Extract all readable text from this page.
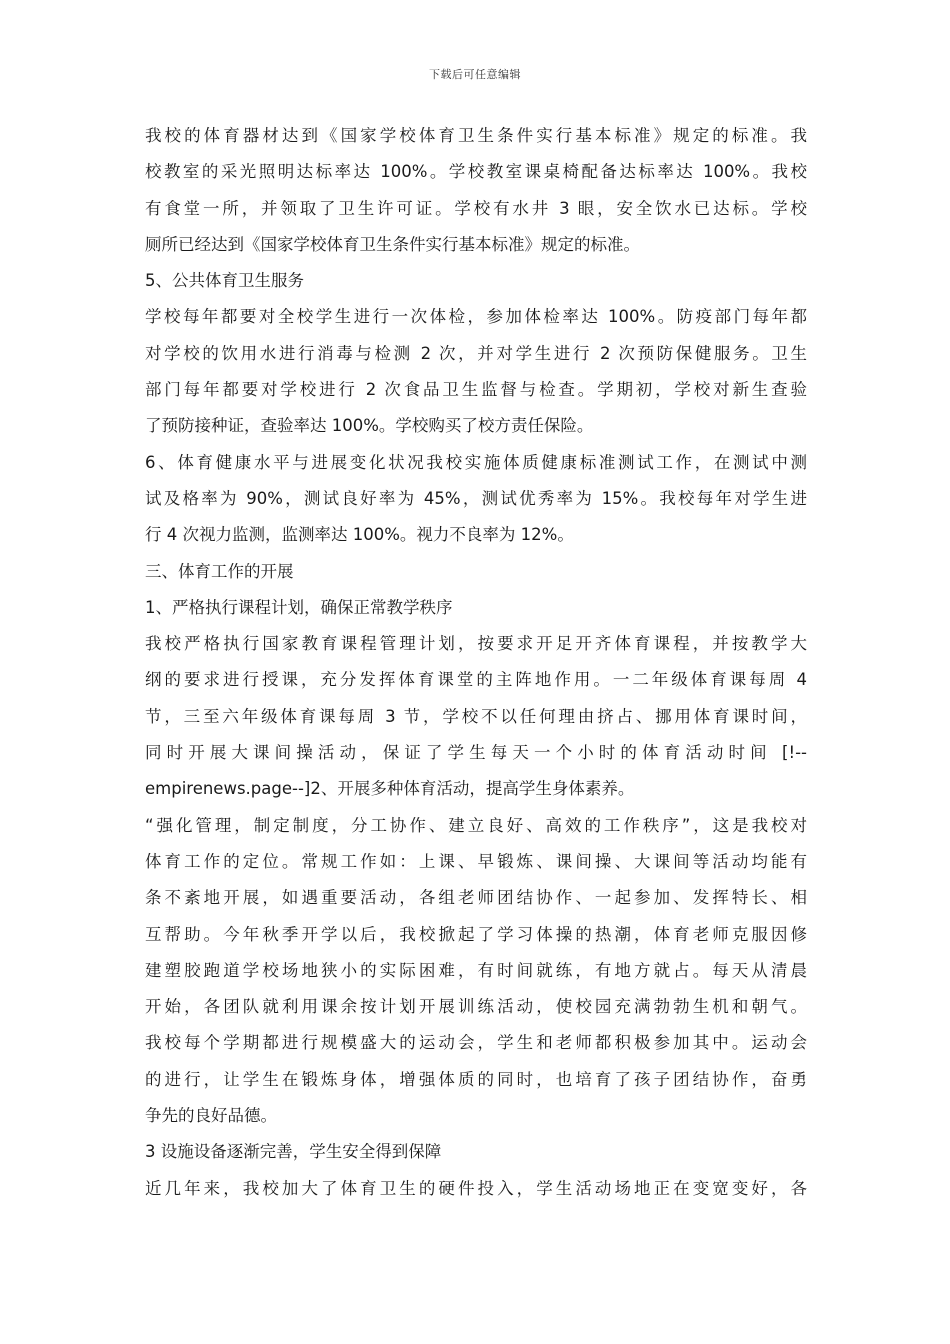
下载后可任意编辑
我校的体育器材达到《国家学校体育卫生条件实行基本标准》规定的标准。我
校教室的采光照明达标率达 100%。学校教室课桌椅配备达标率达 100%。我校
有食堂一所，并领取了卫生许可证。学校有水井 3 眼，安全饮水已达标。学校
厕所已经达到《国家学校体育卫生条件实行基本标准》规定的标准。
5、公共体育卫生服务
学校每年都要对全校学生进行一次体检，参加体检率达 100%。防疫部门每年都
对学校的饮用水进行消毒与检测 2 次，并对学生进行 2 次预防保健服务。卫生
部门每年都要对学校进行 2 次食品卫生监督与检查。学期初，学校对新生查验
了预防接种证，查验率达 100%。学校购买了校方责任保险。
6、体育健康水平与进展变化状况我校实施体质健康标准测试工作，在测试中测
试及格率为 90%，测试良好率为 45%，测试优秀率为 15%。我校每年对学生进
行 4 次视力监测，监测率达 100%。视力不良率为 12%。
三、体育工作的开展
1、严格执行课程计划，确保正常教学秩序
我校严格执行国家教育课程管理计划，按要求开足开齐体育课程，并按教学大
纲的要求进行授课，充分发挥体育课堂的主阵地作用。一二年级体育课每周 4
节，三至六年级体育课每周 3 节，学校不以任何理由挤占、挪用体育课时间，
同时开展大课间操活动，保证了学生每天一个小时的体育活动时间 [!--
empirenews.page--]2、开展多种体育活动，提高学生身体素养。
“强化管理，制定制度，分工协作、建立良好、高效的工作秩序”，这是我校对
体育工作的定位。常规工作如：上课、早锻炼、课间操、大课间等活动均能有
条不紊地开展，如遇重要活动，各组老师团结协作、一起参加、发挥特长、相
互帮助。今年秋季开学以后，我校掀起了学习体操的热潮，体育老师克服因修
建塑胶跑道学校场地狭小的实际困难，有时间就练，有地方就占。每天从清晨
开始，各团队就利用课余按计划开展训练活动，使校园充满勃勃生机和朝气。
我校每个学期都进行规模盛大的运动会，学生和老师都积极参加其中。运动会
的进行，让学生在锻炼身体，增强体质的同时，也培育了孩子团结协作，奋勇
争先的良好品德。
3 设施设备逐渐完善，学生安全得到保障
近几年来，我校加大了体育卫生的硬件投入，学生活动场地正在变宽变好，各
